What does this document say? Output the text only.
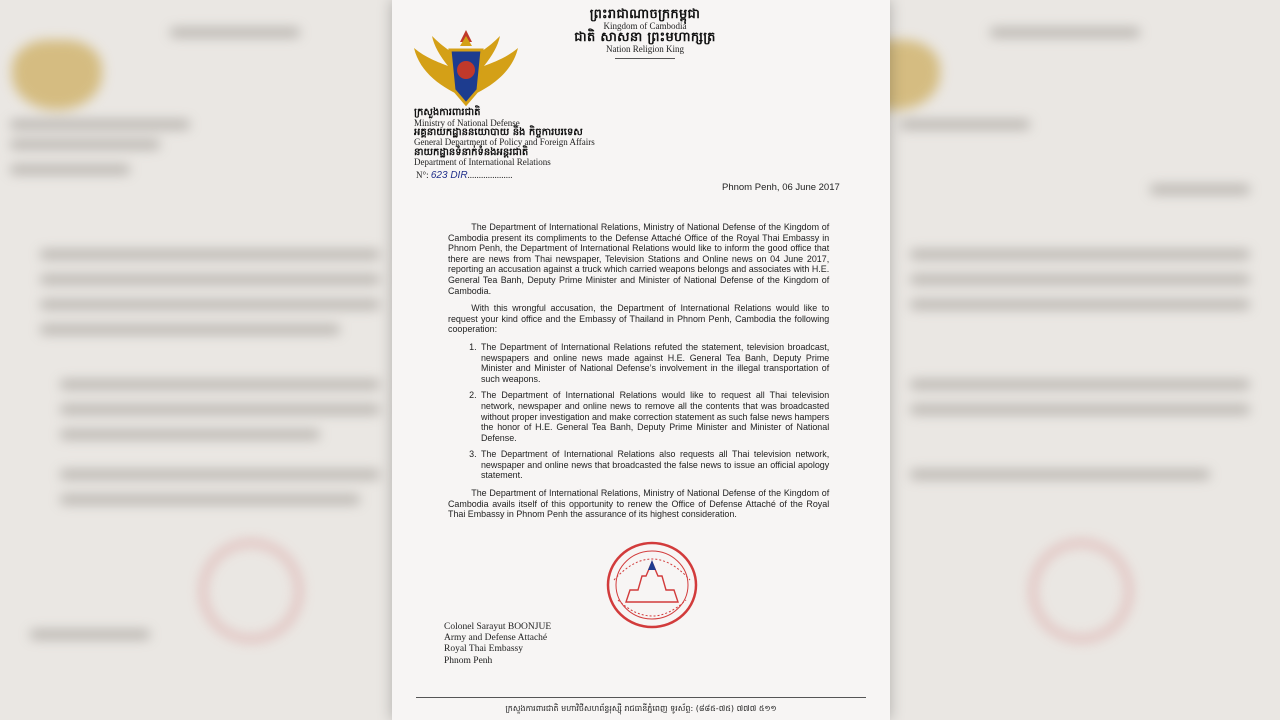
ព្រះរាជាណាចក្រកម្ពុជា
Kingdom of Cambodia
ជាតិ សាសនា ព្រះមហាក្សត្រ
Nation Religion King
ក្រសួងការពារជាតិ
Ministry of National Defense
អគ្គនាយកដ្ឋាននយោបាយ និង កិច្ចការបរទេស
General Department of Policy and Foreign Affairs
នាយកដ្ឋានទំនាក់ទំនងអន្តរជាតិ
Department of International Relations
N°: 623 DIR....................
Phnom Penh, 06 June 2017

The Department of International Relations, Ministry of National Defense of the Kingdom of Cambodia present its compliments to the Defense Attaché Office of the Royal Thai Embassy in Phnom Penh, the Department of International Relations would like to inform the good office that there are news from Thai newspaper, Television Stations and Online news on 04 June 2017, reporting an accusation against a truck which carried weapons belongs and associates with H.E. General Tea Banh, Deputy Prime Minister and Minister of National Defense of the Kingdom of Cambodia.

With this wrongful accusation, the Department of International Relations would like to request your kind office and the Embassy of Thailand in Phnom Penh, Cambodia the following cooperation:

1. The Department of International Relations refuted the statement, television broadcast, newspapers and online news made against H.E. General Tea Banh, Deputy Prime Minister and Minister of National Defense’s involvement in the illegal transportation of such weapons.
2. The Department of International Relations would like to request all Thai television network, newspaper and online news to remove all the contents that was broadcasted without proper investigation and make correction statement as such false news hampers the honor of H.E. General Tea Banh, Deputy Prime Minister and Minister of National Defense.
3. The Department of International Relations also requests all Thai television network, newspaper and online news that broadcasted the false news to issue an official apology statement.

The Department of International Relations, Ministry of National Defense of the Kingdom of Cambodia avails itself of this opportunity to renew the Office of Defense Attaché of the Royal Thai Embassy in Phnom Penh the assurance of its highest consideration.

Colonel Sarayut BOONJUE
Army and Defense Attaché
Royal Thai Embassy
Phnom Penh
ក្រសួងការពារជាតិ មហាវិថីសហព័ន្ធរុស្ស៊ី រាជធានីភ្នំពេញ ទូរស័ព្ទ: (៨៨៥-៧៥) ៧៧៧ ៥១១
